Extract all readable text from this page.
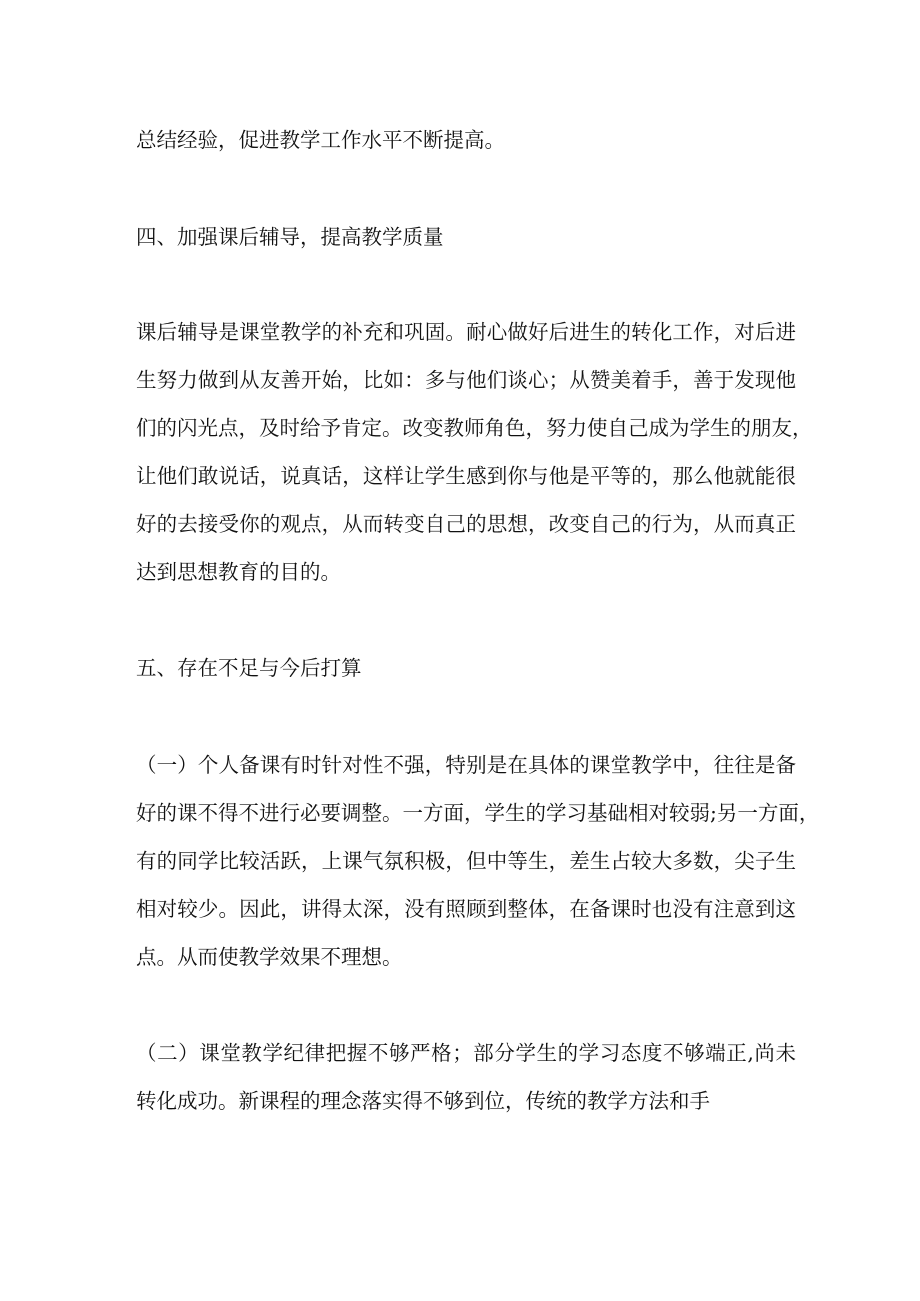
总结经验，促进教学工作水平不断提高。
四、加强课后辅导，提高教学质量
课后辅导是课堂教学的补充和巩固。耐心做好后进生的转化工作，对后进
生努力做到从友善开始，比如：多与他们谈心；从赞美着手，善于发现他
们的闪光点，及时给予肯定。改变教师角色，努力使自己成为学生的朋友，
让他们敢说话，说真话，这样让学生感到你与他是平等的，那么他就能很
好的去接受你的观点，从而转变自己的思想，改变自己的行为，从而真正
达到思想教育的目的。
五、存在不足与今后打算
（一）个人备课有时针对性不强，特别是在具体的课堂教学中，往往是备
好的课不得不进行必要调整。一方面，学生的学习基础相对较弱;另一方面，
有的同学比较活跃，上课气氛积极，但中等生，差生占较大多数，尖子生
相对较少。因此，讲得太深，没有照顾到整体，在备课时也没有注意到这
点。从而使教学效果不理想。
（二）课堂教学纪律把握不够严格；部分学生的学习态度不够端正,尚未
转化成功。新课程的理念落实得不够到位，传统的教学方法和手
